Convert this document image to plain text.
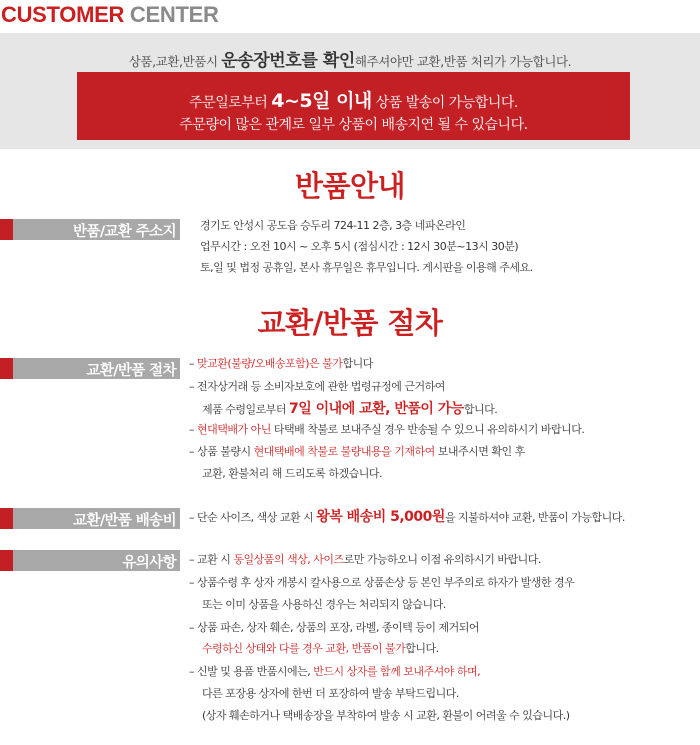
CUSTOMER CENTER
상품,교환,반품시 운송장번호를 확인해주셔야만 교환,반품 처리가 가능합니다.
주문일로부터 4~5일 이내 상품 발송이 가능합니다.
주문량이 많은 관계로 일부 상품이 배송지연 될 수 있습니다.
반품안내
반품/교환 주소지 경기도 안성시 공도읍 승두리 724-11 2층, 3층 네파온라인
업무시간 : 오전 10시 ~ 오후 5시 (점심시간 : 12시 30분~13시 30분)
토,일 및 법정 공휴일, 본사 휴무일은 휴무입니다. 게시판을 이용해 주세요.
교환/반품 절차
교환/반품 절차 – 맞교환(불량/오배송포함)은 불가합니다
– 전자상거래 등 소비자보호에 관한 법령규정에 근거하여
제품 수령일로부터 7일 이내에 교환, 반품이 가능합니다.
– 현대택배가 아닌 타택배 착불로 보내주실 경우 반송될 수 있으니 유의하시기 바랍니다.
– 상품 불량시 현대택배에 착불로 불량내용을 기재하여 보내주시면 확인 후
교환, 환불처리 해 드리도록 하겠습니다.
교환/반품 배송비 – 단순 사이즈, 색상 교환 시 왕복 배송비 5,000원을 지불하셔야 교환, 반품이 가능합니다.
유의사항 – 교환 시 동일상품의 색상, 사이즈로만 가능하오니 이점 유의하시기 바랍니다.
– 상품수령 후 상자 개봉시 칼사용으로 상품손상 등 본인 부주의로 하자가 발생한 경우
또는 이미 상품을 사용하신 경우는 처리되지 않습니다.
– 상품 파손, 상자 훼손, 상품의 포장, 라벨, 종이텍 등이 제거되어
수령하신 상태와 다를 경우 교환, 반품이 불가합니다.
– 신발 및 용품 반품시에는, 반드시 상자를 함께 보내주셔야 하며,
다른 포장용 상자에 한번 더 포장하여 발송 부탁드립니다.
(상자 훼손하거나 택배송장을 부착하여 발송 시 교환, 환불이 어려울 수 있습니다.)
